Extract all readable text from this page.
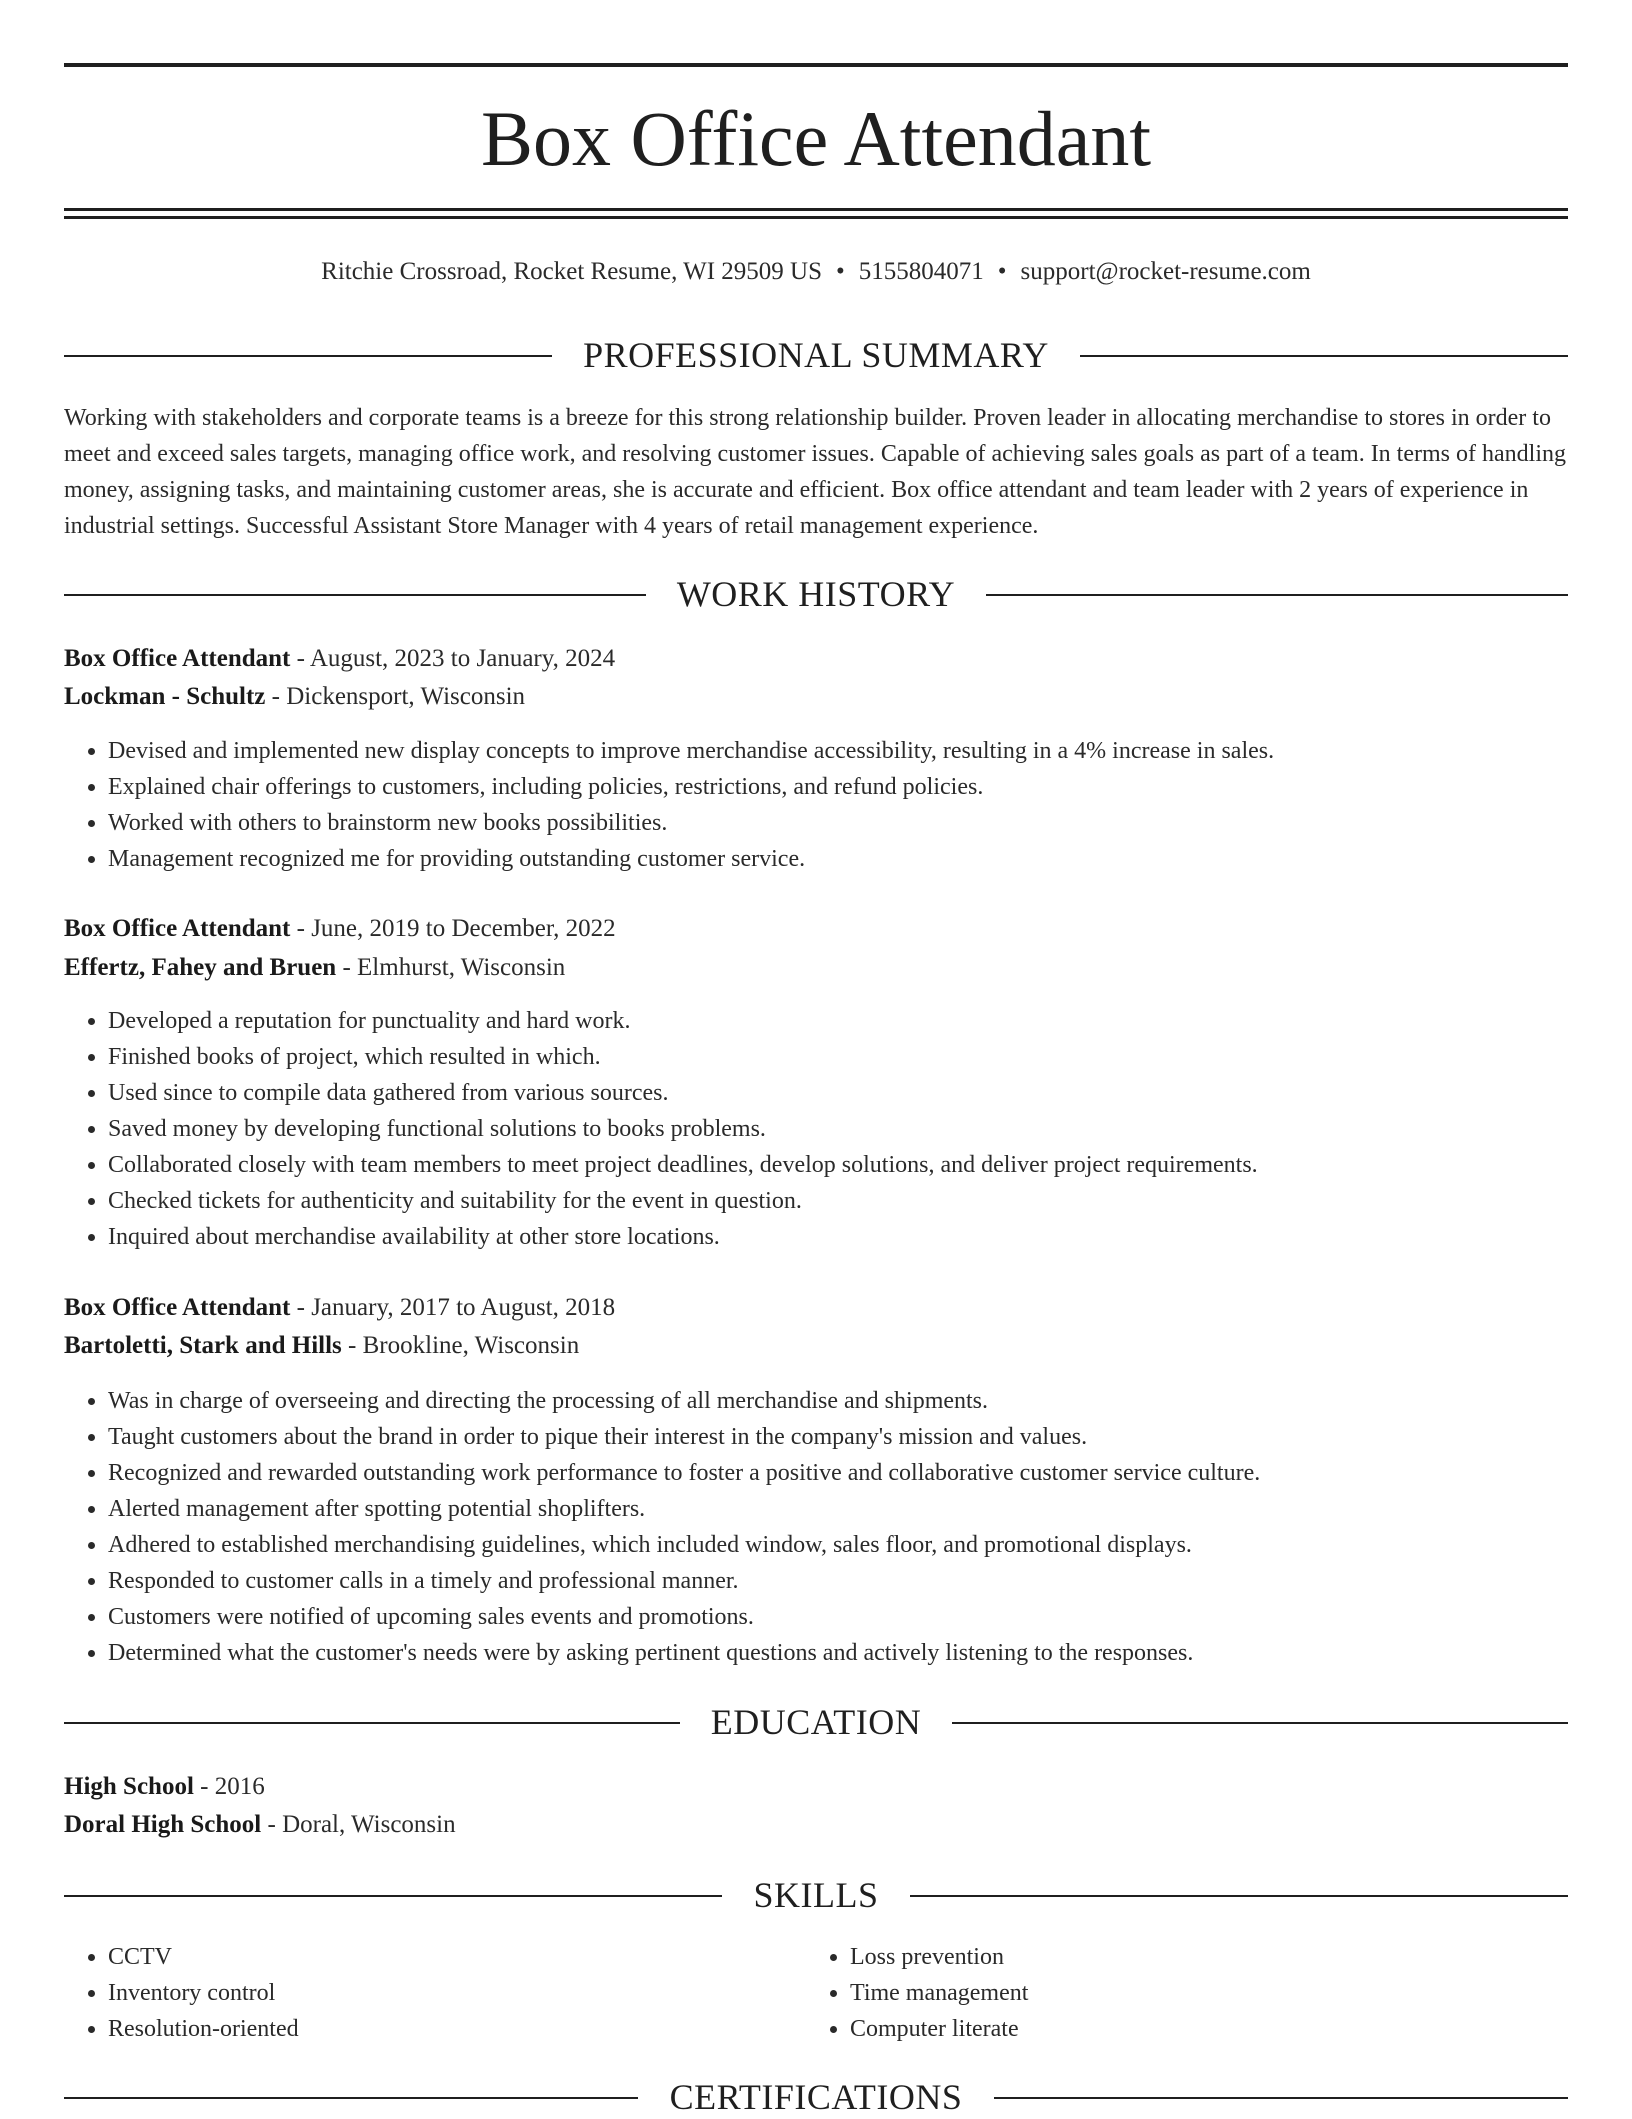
Box Office Attendant
Ritchie Crossroad, Rocket Resume, WI 29509 US • 5155804071 • support@rocket-resume.com
PROFESSIONAL SUMMARY
Working with stakeholders and corporate teams is a breeze for this strong relationship builder. Proven leader in allocating merchandise to stores in order to meet and exceed sales targets, managing office work, and resolving customer issues. Capable of achieving sales goals as part of a team. In terms of handling money, assigning tasks, and maintaining customer areas, she is accurate and efficient. Box office attendant and team leader with 2 years of experience in industrial settings. Successful Assistant Store Manager with 4 years of retail management experience.
WORK HISTORY
Box Office Attendant - August, 2023 to January, 2024
Lockman - Schultz - Dickensport, Wisconsin
• Devised and implemented new display concepts to improve merchandise accessibility, resulting in a 4% increase in sales.
• Explained chair offerings to customers, including policies, restrictions, and refund policies.
• Worked with others to brainstorm new books possibilities.
• Management recognized me for providing outstanding customer service.
Box Office Attendant - June, 2019 to December, 2022
Effertz, Fahey and Bruen - Elmhurst, Wisconsin
• Developed a reputation for punctuality and hard work.
• Finished books of project, which resulted in which.
• Used since to compile data gathered from various sources.
• Saved money by developing functional solutions to books problems.
• Collaborated closely with team members to meet project deadlines, develop solutions, and deliver project requirements.
• Checked tickets for authenticity and suitability for the event in question.
• Inquired about merchandise availability at other store locations.
Box Office Attendant - January, 2017 to August, 2018
Bartoletti, Stark and Hills - Brookline, Wisconsin
• Was in charge of overseeing and directing the processing of all merchandise and shipments.
• Taught customers about the brand in order to pique their interest in the company's mission and values.
• Recognized and rewarded outstanding work performance to foster a positive and collaborative customer service culture.
• Alerted management after spotting potential shoplifters.
• Adhered to established merchandising guidelines, which included window, sales floor, and promotional displays.
• Responded to customer calls in a timely and professional manner.
• Customers were notified of upcoming sales events and promotions.
• Determined what the customer's needs were by asking pertinent questions and actively listening to the responses.
EDUCATION
High School - 2016
Doral High School - Doral, Wisconsin
SKILLS
• CCTV
• Inventory control
• Resolution-oriented
• Loss prevention
• Time management
• Computer literate
CERTIFICATIONS
